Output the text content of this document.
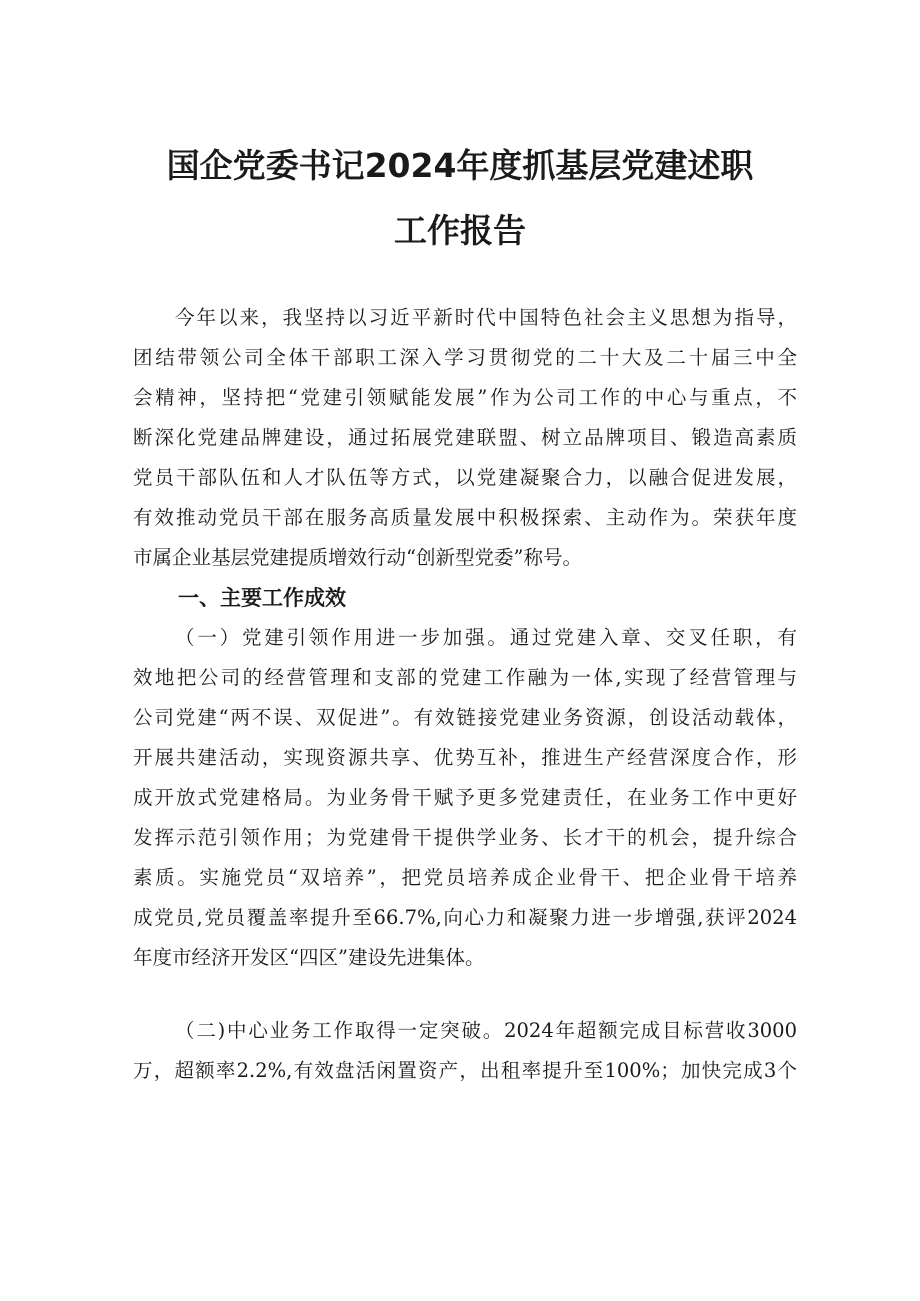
国企党委书记2024年度抓基层党建述职
工作报告
今年以来，我坚持以习近平新时代中国特色社会主义思想为指导，
团结带领公司全体干部职工深入学习贯彻党的二十大及二十届三中全
会精神，坚持把“党建引领赋能发展”作为公司工作的中心与重点，不
断深化党建品牌建设，通过拓展党建联盟、树立品牌项目、锻造高素质
党员干部队伍和人才队伍等方式，以党建凝聚合力，以融合促进发展，
有效推动党员干部在服务高质量发展中积极探索、主动作为。荣获年度
市属企业基层党建提质增效行动“创新型党委”称号。
一、主要工作成效
（一）党建引领作用进一步加强。通过党建入章、交叉任职，有
效地把公司的经营管理和支部的党建工作融为一体,实现了经营管理与
公司党建“两不误、双促进”。有效链接党建业务资源，创设活动载体，
开展共建活动，实现资源共享、优势互补，推进生产经营深度合作，形
成开放式党建格局。为业务骨干赋予更多党建责任，在业务工作中更好
发挥示范引领作用；为党建骨干提供学业务、长才干的机会，提升综合
素质。实施党员“双培养”，把党员培养成企业骨干、把企业骨干培养
成党员,党员覆盖率提升至66.7%,向心力和凝聚力进一步增强,获评2024
年度市经济开发区“四区”建设先进集体。
（二)中心业务工作取得一定突破。2024年超额完成目标营收3000
万，超额率2.2%,有效盘活闲置资产，出租率提升至100%；加快完成3个
